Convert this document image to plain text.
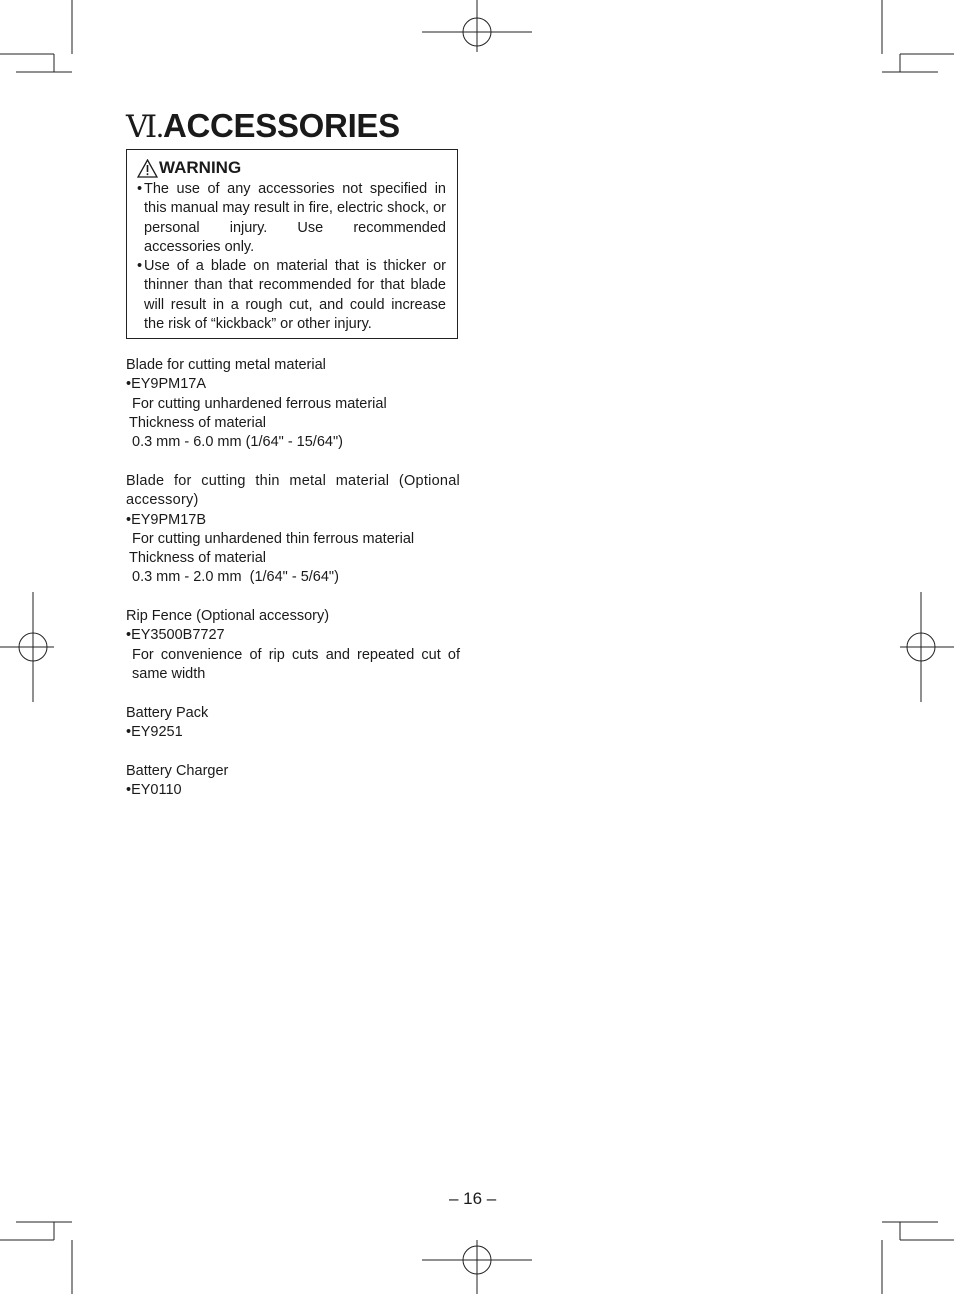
Ⅵ.ACCESSORIES
WARNING
• The use of any accessories not specified in this manual may result in fire, electric shock, or personal injury. Use recommended accessories only.
• Use of a blade on material that is thicker or thinner than that recommended for that blade will result in a rough cut, and could increase the risk of “kickback” or other injury.

Blade for cutting metal material

•EY9PM17A

For cutting unhardened ferrous material

Thickness of material

0.3 mm - 6.0 mm (1/64" - 15/64")

Blade for cutting thin metal material (Optional accessory)

•EY9PM17B

For cutting unhardened thin ferrous material

Thickness of material

0.3 mm - 2.0 mm  (1/64" - 5/64")

Rip Fence (Optional accessory)

•EY3500B7727

For convenience of rip cuts and repeated cut of same width

Battery Pack

•EY9251

Battery Charger

•EY0110

– 16 –
